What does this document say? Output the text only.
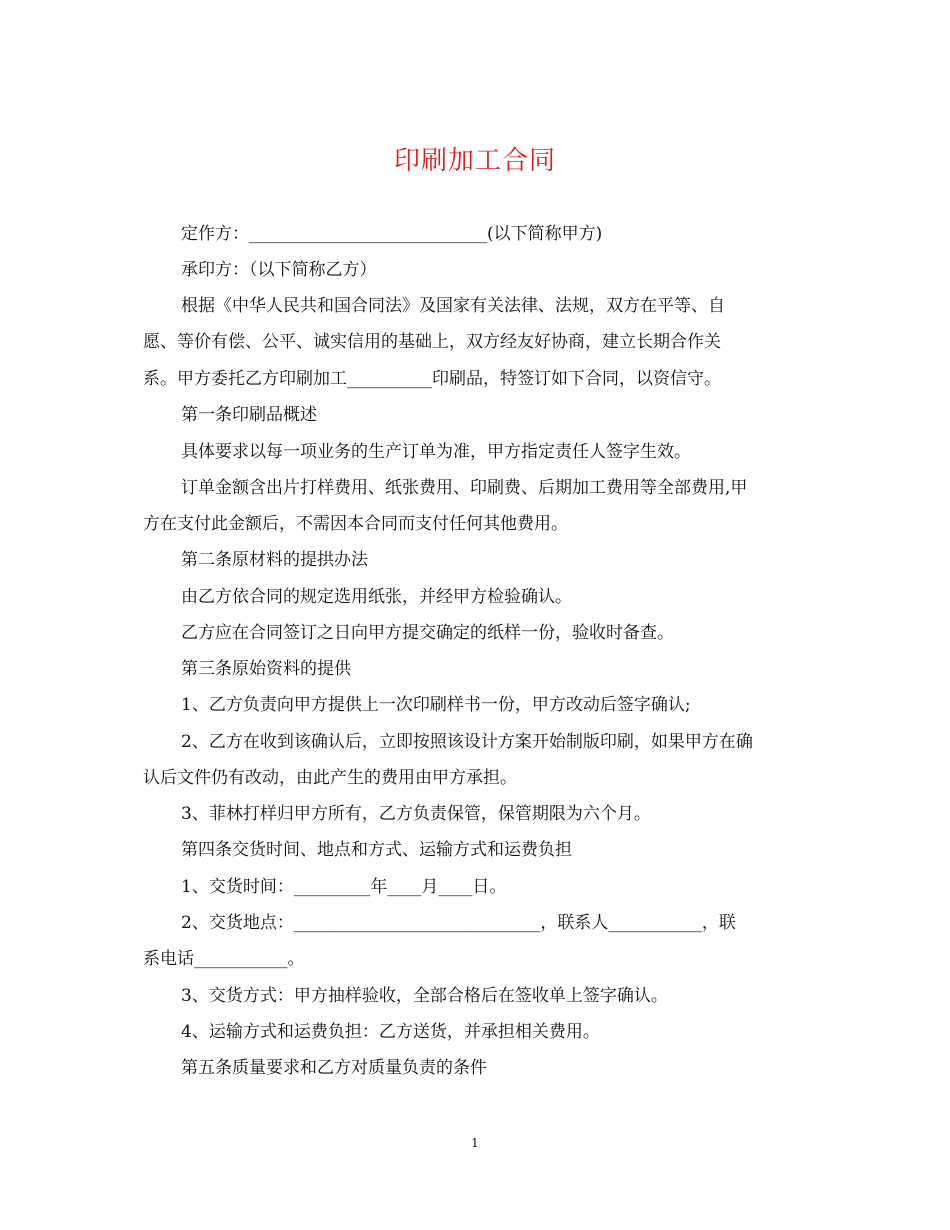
印刷加工合同
定作方：____________________________(以下简称甲方)
承印方：（以下简称乙方）
根据《中华人民共和国合同法》及国家有关法律、法规，双方在平等、自
愿、等价有偿、公平、诚实信用的基础上，双方经友好协商，建立长期合作关
系。甲方委托乙方印刷加工__________印刷品，特签订如下合同，以资信守。
第一条印刷品概述
具体要求以每一项业务的生产订单为准，甲方指定责任人签字生效。
订单金额含出片打样费用、纸张费用、印刷费、后期加工费用等全部费用,甲
方在支付此金额后，不需因本合同而支付任何其他费用。
第二条原材料的提拱办法
由乙方依合同的规定选用纸张，并经甲方检验确认。
乙方应在合同签订之日向甲方提交确定的纸样一份，验收时备查。
第三条原始资料的提供
1、乙方负责向甲方提供上一次印刷样书一份，甲方改动后签字确认;
2、乙方在收到该确认后，立即按照该设计方案开始制版印刷，如果甲方在确
认后文件仍有改动，由此产生的费用由甲方承担。
3、菲林打样归甲方所有，乙方负责保管，保管期限为六个月。
第四条交货时间、地点和方式、运输方式和运费负担
1、交货时间：_________年____月____日。
2、交货地点：_____________________________，联系人___________，联
系电话___________。
3、交货方式：甲方抽样验收，全部合格后在签收单上签字确认。
4、运输方式和运费负担：乙方送货，并承担相关费用。
第五条质量要求和乙方对质量负责的条件
1
